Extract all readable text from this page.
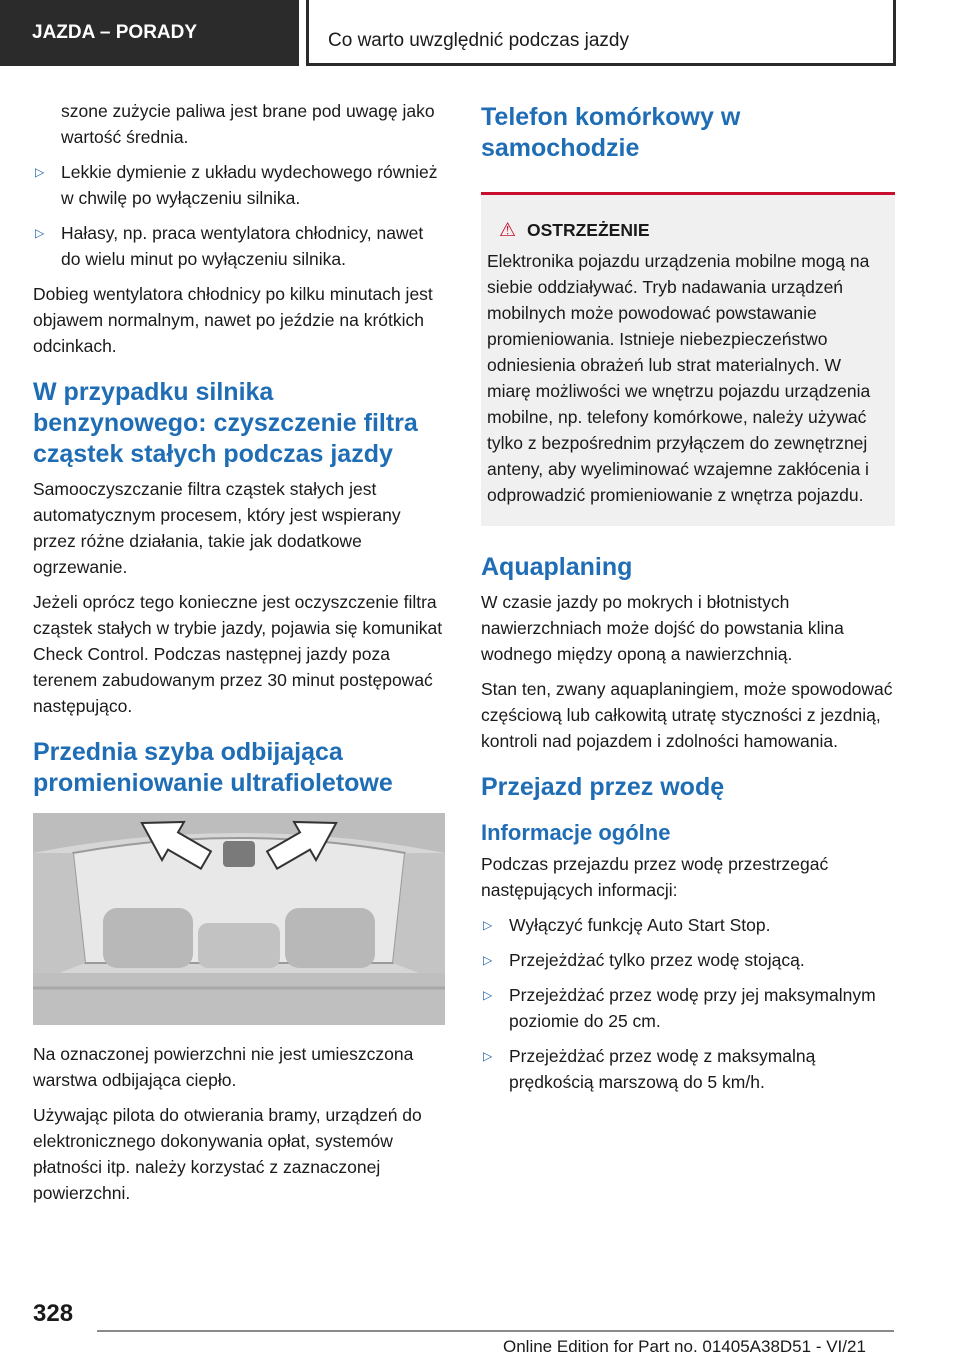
JAZDA – PORADY	Co warto uwzględnić podczas jazdy
szone zużycie paliwa jest brane pod uwagę jako wartość średnia.
▷ Lekkie dymienie z układu wydechowego również w chwilę po wyłączeniu silnika.
▷ Hałasy, np. praca wentylatora chłodnicy, nawet do wielu minut po wyłączeniu silnika.

Dobieg wentylatora chłodnicy po kilku minutach jest objawem normalnym, nawet po jeździe na krótkich odcinkach.

W przypadku silnika benzynowego: czyszczenie filtra cząstek stałych podczas jazdy

Samooczyszczanie filtra cząstek stałych jest automatycznym procesem, który jest wspierany przez różne działania, takie jak dodatkowe ogrzewanie.

Jeżeli oprócz tego konieczne jest oczyszczenie filtra cząstek stałych w trybie jazdy, pojawia się komunikat Check Control. Podczas następnej jazdy poza terenem zabudowanym przez 30 minut postępować następująco.

Przednia szyba odbijająca promieniowanie ultrafioletowe

Na oznaczonej powierzchni nie jest umieszczona warstwa odbijająca ciepło.

Używając pilota do otwierania bramy, urządzeń do elektronicznego dokonywania opłat, systemów płatności itp. należy korzystać z zaznaczonej powierzchni.

Telefon komórkowy w samochodzie
⚠ OSTRZEŻENIE

Elektronika pojazdu urządzenia mobilne mogą na siebie oddziaływać. Tryb nadawania urządzeń mobilnych może powodować powstawanie promieniowania. Istnieje niebezpieczeństwo odniesienia obrażeń lub strat materialnych. W miarę możliwości we wnętrzu pojazdu urządzenia mobilne, np. telefony komórkowe, należy używać tylko z bezpośrednim przyłączem do zewnętrznej anteny, aby wyeliminować wzajemne zakłócenia i odprowadzić promieniowanie z wnętrza pojazdu.

Aquaplaning

W czasie jazdy po mokrych i błotnistych nawierzchniach może dojść do powstania klina wodnego między oponą a nawierzchnią.

Stan ten, zwany aquaplaningiem, może spowodować częściową lub całkowitą utratę styczności z jezdnią, kontroli nad pojazdem i zdolności hamowania.

Przejazd przez wodę
Informacje ogólne

Podczas przejazdu przez wodę przestrzegać następujących informacji:

▷ Wyłączyć funkcję Auto Start Stop.
▷ Przejeżdżać tylko przez wodę stojącą.
▷ Przejeżdżać przez wodę przy jej maksymalnym poziomie do 25 cm.
▷ Przejeżdżać przez wodę z maksymalną prędkością marszową do 5 km/h.
328
Online Edition for Part no. 01405A38D51 - VI/21
